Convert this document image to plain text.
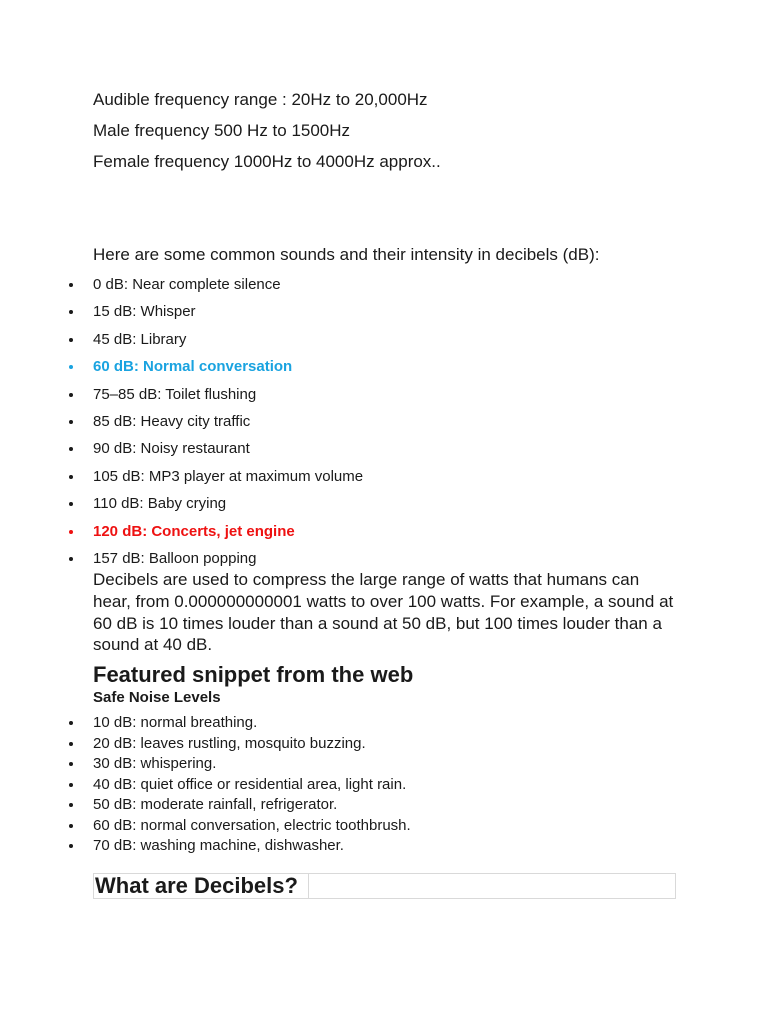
Audible frequency range : 20Hz to 20,000Hz

Male frequency 500 Hz to 1500Hz

Female frequency 1000Hz to 4000Hz approx..

Here are some common sounds and their intensity in decibels (dB):

0 dB: Near complete silence
15 dB: Whisper
45 dB: Library
60 dB: Normal conversation
75–85 dB: Toilet flushing
85 dB: Heavy city traffic
90 dB: Noisy restaurant
105 dB: MP3 player at maximum volume
110 dB: Baby crying
120 dB: Concerts, jet engine
157 dB: Balloon popping

Decibels are used to compress the large range of watts that humans can hear, from 0.000000000001 watts to over 100 watts. For example, a sound at 60 dB is 10 times louder than a sound at 50 dB, but 100 times louder than a sound at 40 dB.

Featured snippet from the web
Safe Noise Levels
10 dB: normal breathing.
20 dB: leaves rustling, mosquito buzzing.
30 dB: whispering.
40 dB: quiet office or residential area, light rain.
50 dB: moderate rainfall, refrigerator.
60 dB: normal conversation, electric toothbrush.
70 dB: washing machine, dishwasher.
What are Decibels?
